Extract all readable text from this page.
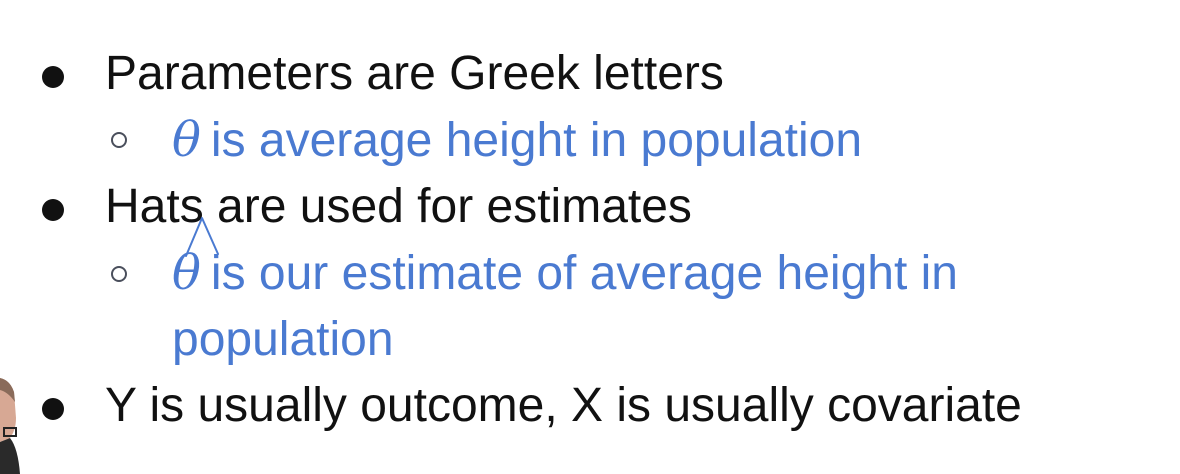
Parameters are Greek letters
θ is average height in population
Hats are used for estimates
θ is our estimate of average height in
population
Y is usually outcome, X is usually covariate
